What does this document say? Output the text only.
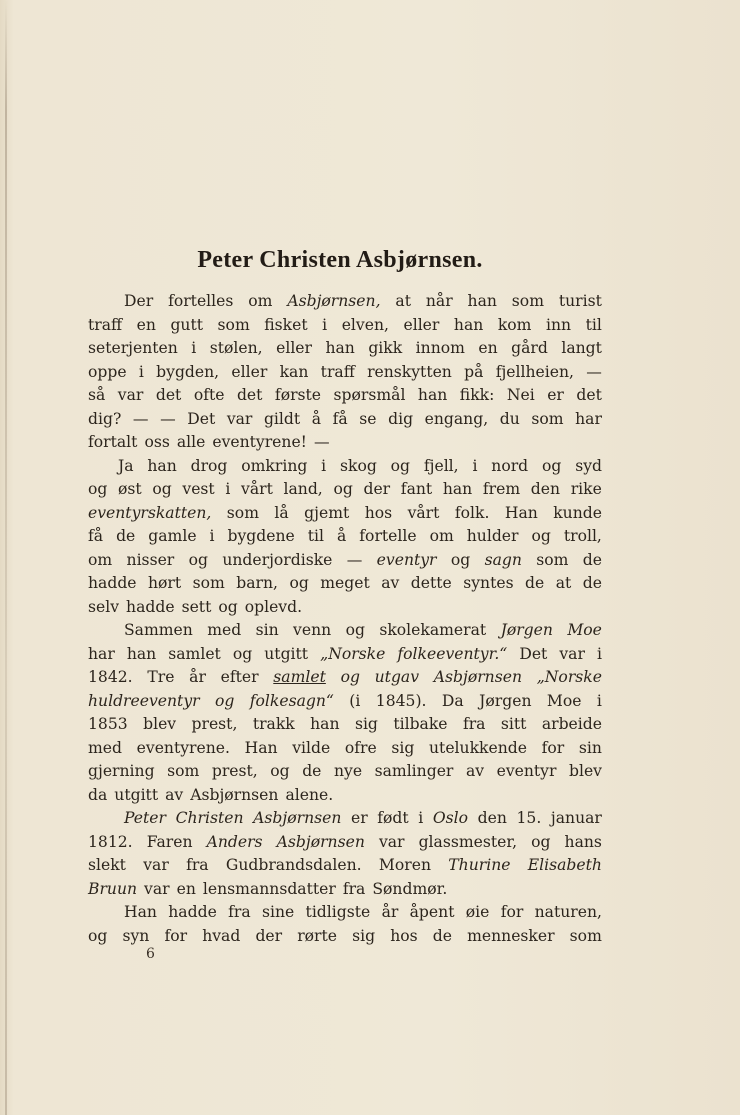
Peter Christen Asbjørnsen.
Der fortelles om Asbjørnsen, at når han som turist
traff en gutt som fisket i elven, eller han kom inn til
seterjenten i stølen, eller han gikk innom en gård langt
oppe i bygden, eller kan traff renskytten på fjellheien, —
så var det ofte det første spørsmål han fikk: Nei er det
dig? — — Det var gildt å få se dig engang, du som har
fortalt oss alle eventyrene! —
Ja han drog omkring i skog og fjell, i nord og syd
og øst og vest i vårt land, og der fant han frem den rike
eventyrskatten, som lå gjemt hos vårt folk. Han kunde
få de gamle i bygdene til å fortelle om hulder og troll,
om nisser og underjordiske — eventyr og sagn som de
hadde hørt som barn, og meget av dette syntes de at de
selv hadde sett og oplevd.
Sammen med sin venn og skolekamerat Jørgen Moe
har han samlet og utgitt „Norske folkeeventyr.“ Det var i
1842. Tre år efter samlet og utgav Asbjørnsen „Norske
huldreeventyr og folkesagn“ (i 1845). Da Jørgen Moe i
1853 blev prest, trakk han sig tilbake fra sitt arbeide
med eventyrene. Han vilde ofre sig utelukkende for sin
gjerning som prest, og de nye samlinger av eventyr blev
da utgitt av Asbjørnsen alene.
Peter Christen Asbjørnsen er født i Oslo den 15. januar
1812. Faren Anders Asbjørnsen var glassmester, og hans
slekt var fra Gudbrandsdalen. Moren Thurine Elisabeth
Bruun var en lensmannsdatter fra Søndmør.
Han hadde fra sine tidligste år åpent øie for naturen,
og syn for hvad der rørte sig hos de mennesker som
6
